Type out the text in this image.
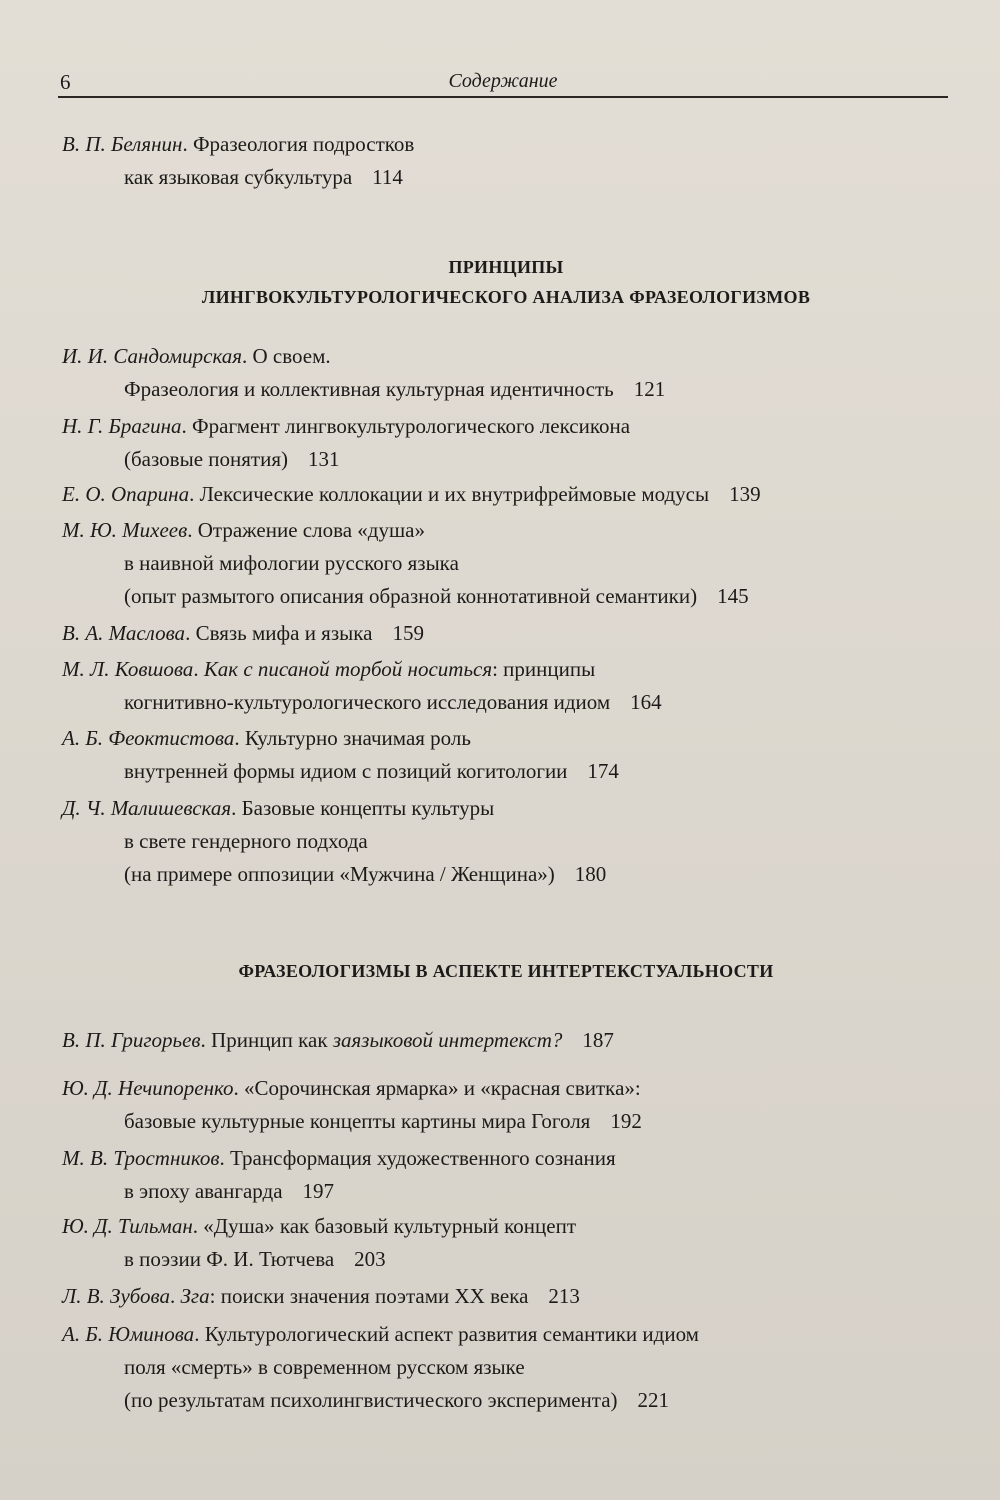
6	Содержание
В. П. Белянин. Фразеология подростков
как языковая субкультура 114
ПРИНЦИПЫ
ЛИНГВОКУЛЬТУРОЛОГИЧЕСКОГО АНАЛИЗА ФРАЗЕОЛОГИЗМОВ
И. И. Сандомирская. О своем.
Фразеология и коллективная культурная идентичность 121
Н. Г. Брагина. Фрагмент лингвокультурологического лексикона
(базовые понятия) 131
Е. О. Опарина. Лексические коллокации и их внутрифреймовые модусы 139
М. Ю. Михеев. Отражение слова «душа»
в наивной мифологии русского языка
(опыт размытого описания образной коннотативной семантики) 145
В. А. Маслова. Связь мифа и языка 159
М. Л. Ковшова. Как с писаной торбой носиться: принципы
когнитивно-культурологического исследования идиом 164
А. Б. Феоктистова. Культурно значимая роль
внутренней формы идиом с позиций когитологии 174
Д. Ч. Малишевская. Базовые концепты культуры
в свете гендерного подхода
(на примере оппозиции «Мужчина / Женщина») 180
ФРАЗЕОЛОГИЗМЫ В АСПЕКТЕ ИНТЕРТЕКСТУАЛЬНОСТИ
В. П. Григорьев. Принцип как заязыковой интертекст? 187
Ю. Д. Нечипоренко. «Сорочинская ярмарка» и «красная свитка»:
базовые культурные концепты картины мира Гоголя 192
М. В. Тростников. Трансформация художественного сознания
в эпоху авангарда 197
Ю. Д. Тильман. «Душа» как базовый культурный концепт
в поэзии Ф. И. Тютчева 203
Л. В. Зубова. Зга: поиски значения поэтами XX века 213
А. Б. Юминова. Культурологический аспект развития семантики идиом
поля «смерть» в современном русском языке
(по результатам психолингвистического эксперимента) 221
